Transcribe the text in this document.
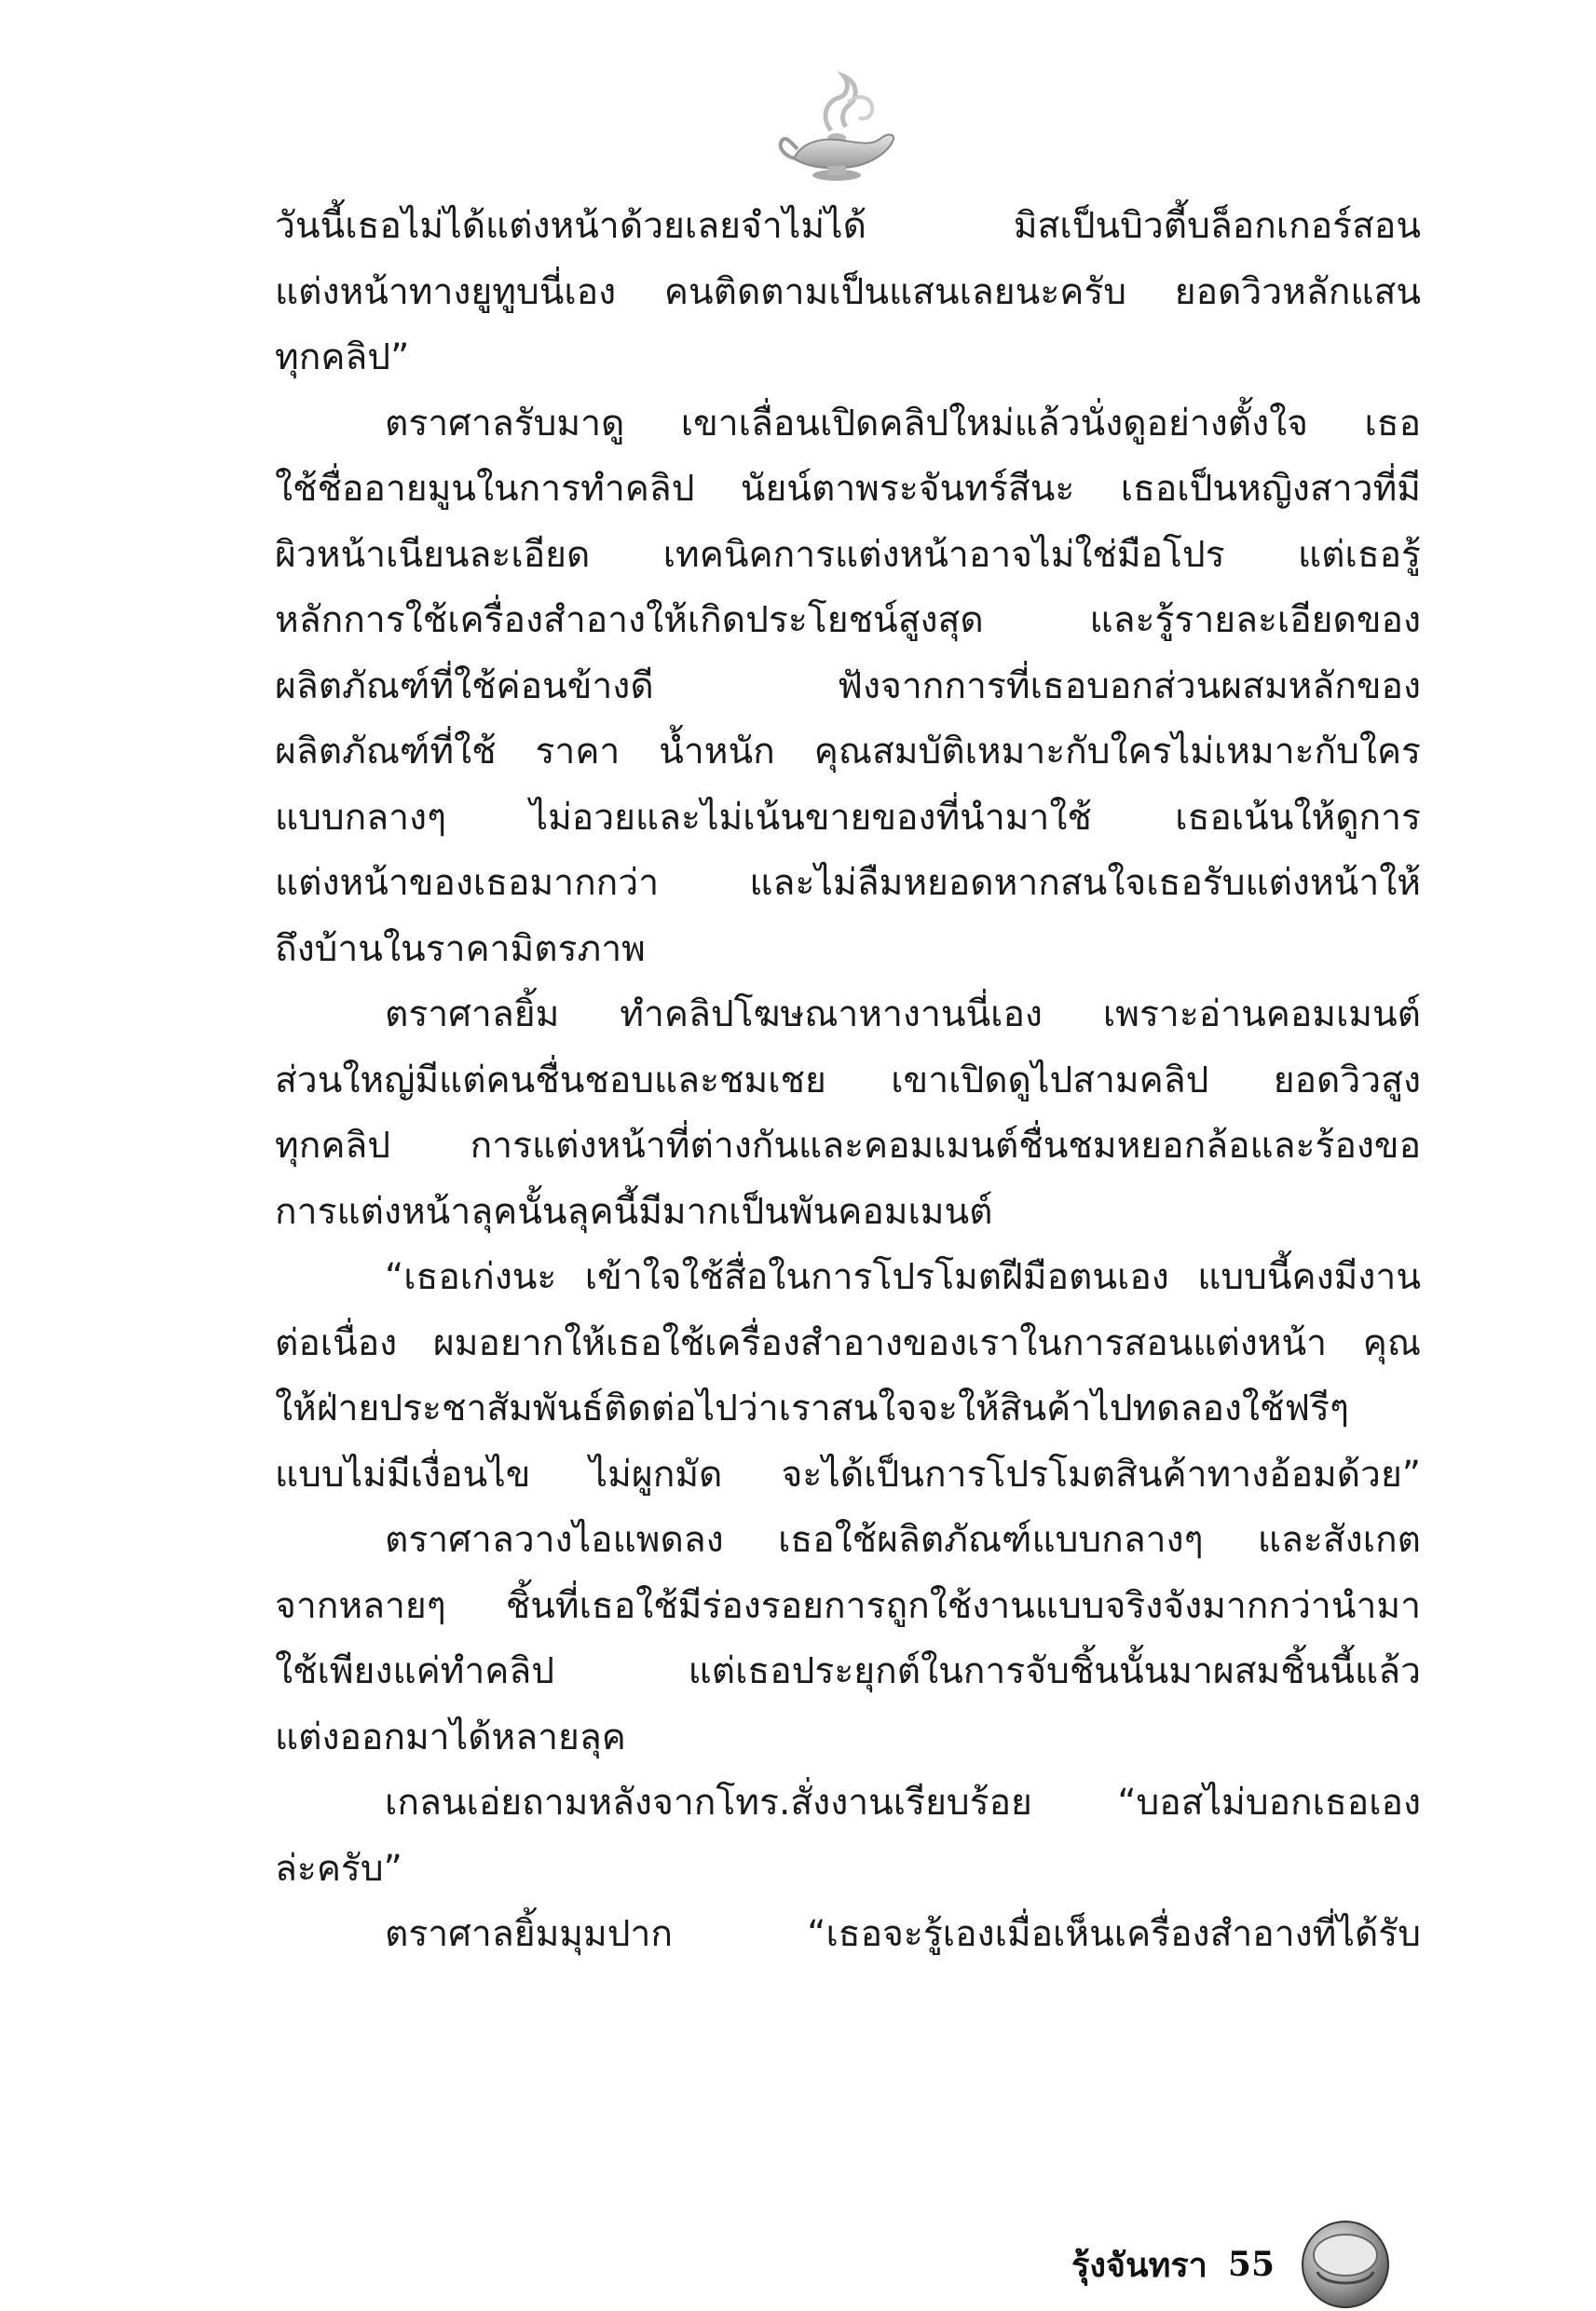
วันนี้เธอไม่ได้แต่งหน้าด้วยเลยจำไม่ได้ มิสเป็นบิวตี้บล็อกเกอร์สอน
แต่งหน้าทางยูทูบนี่เอง คนติดตามเป็นแสนเลยนะครับ ยอดวิวหลักแสน
ทุกคลิป”
ตราศาลรับมาดู เขาเลื่อนเปิดคลิปใหม่แล้วนั่งดูอย่างตั้งใจ เธอ
ใช้ชื่ออายมูนในการทำคลิป นัยน์ตาพระจันทร์สีนะ เธอเป็นหญิงสาวที่มี
ผิวหน้าเนียนละเอียด เทคนิคการแต่งหน้าอาจไม่ใช่มือโปร แต่เธอรู้
หลักการใช้เครื่องสำอางให้เกิดประโยชน์สูงสุด และรู้รายละเอียดของ
ผลิตภัณฑ์ที่ใช้ค่อนข้างดี ฟังจากการที่เธอบอกส่วนผสมหลักของ
ผลิตภัณฑ์ที่ใช้ ราคา น้ำหนัก คุณสมบัติเหมาะกับใครไม่เหมาะกับใคร
แบบกลางๆ ไม่อวยและไม่เน้นขายของที่นำมาใช้ เธอเน้นให้ดูการ
แต่งหน้าของเธอมากกว่า และไม่ลืมหยอดหากสนใจเธอรับแต่งหน้าให้
ถึงบ้านในราคามิตรภาพ
ตราศาลยิ้ม ทำคลิปโฆษณาหางานนี่เอง เพราะอ่านคอมเมนต์
ส่วนใหญ่มีแต่คนชื่นชอบและชมเชย เขาเปิดดูไปสามคลิป ยอดวิวสูง
ทุกคลิป การแต่งหน้าที่ต่างกันและคอมเมนต์ชื่นชมหยอกล้อและร้องขอ
การแต่งหน้าลุคนั้นลุคนี้มีมากเป็นพันคอมเมนต์
“เธอเก่งนะ เข้าใจใช้สื่อในการโปรโมตฝีมือตนเอง แบบนี้คงมีงาน
ต่อเนื่อง ผมอยากให้เธอใช้เครื่องสำอางของเราในการสอนแต่งหน้า คุณ
ให้ฝ่ายประชาสัมพันธ์ติดต่อไปว่าเราสนใจจะให้สินค้าไปทดลองใช้ฟรีๆ
แบบไม่มีเงื่อนไข ไม่ผูกมัด จะได้เป็นการโปรโมตสินค้าทางอ้อมด้วย”
ตราศาลวางไอแพดลง เธอใช้ผลิตภัณฑ์แบบกลางๆ และสังเกต
จากหลายๆ ชิ้นที่เธอใช้มีร่องรอยการถูกใช้งานแบบจริงจังมากกว่านำมา
ใช้เพียงแค่ทำคลิป แต่เธอประยุกต์ในการจับชิ้นนั้นมาผสมชิ้นนี้แล้ว
แต่งออกมาได้หลายลุค
เกลนเอ่ยถามหลังจากโทร.สั่งงานเรียบร้อย “บอสไม่บอกเธอเอง
ล่ะครับ”
ตราศาลยิ้มมุมปาก “เธอจะรู้เองเมื่อเห็นเครื่องสำอางที่ได้รับ
รุ้งจันทรา 55
